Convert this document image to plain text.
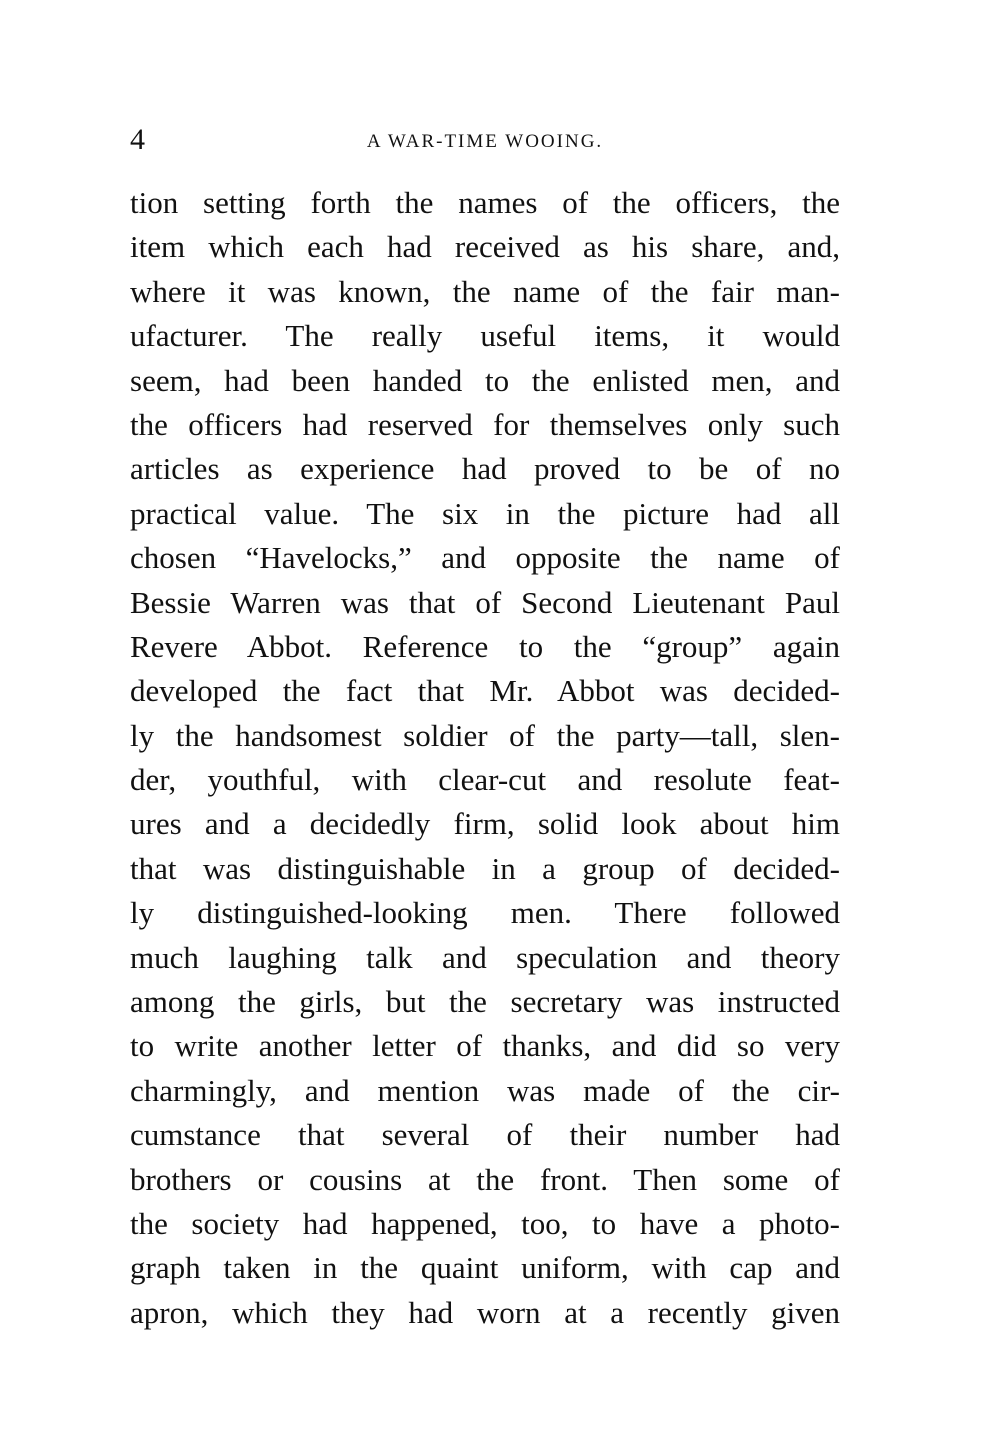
4	A WAR-TIME WOOING.
tion setting forth the names of the officers, the
item which each had received as his share, and,
where it was known, the name of the fair man-
ufacturer. The really useful items, it would
seem, had been handed to the enlisted men, and
the officers had reserved for themselves only such
articles as experience had proved to be of no
practical value. The six in the picture had all
chosen “Havelocks,” and opposite the name of
Bessie Warren was that of Second Lieutenant Paul
Revere Abbot. Reference to the “group” again
developed the fact that Mr. Abbot was decided-
ly the handsomest soldier of the party—tall, slen-
der, youthful, with clear-cut and resolute feat-
ures and a decidedly firm, solid look about him
that was distinguishable in a group of decided-
ly distinguished-looking men. There followed
much laughing talk and speculation and theory
among the girls, but the secretary was instructed
to write another letter of thanks, and did so very
charmingly, and mention was made of the cir-
cumstance that several of their number had
brothers or cousins at the front. Then some of
the society had happened, too, to have a photo-
graph taken in the quaint uniform, with cap and
apron, which they had worn at a recently given
